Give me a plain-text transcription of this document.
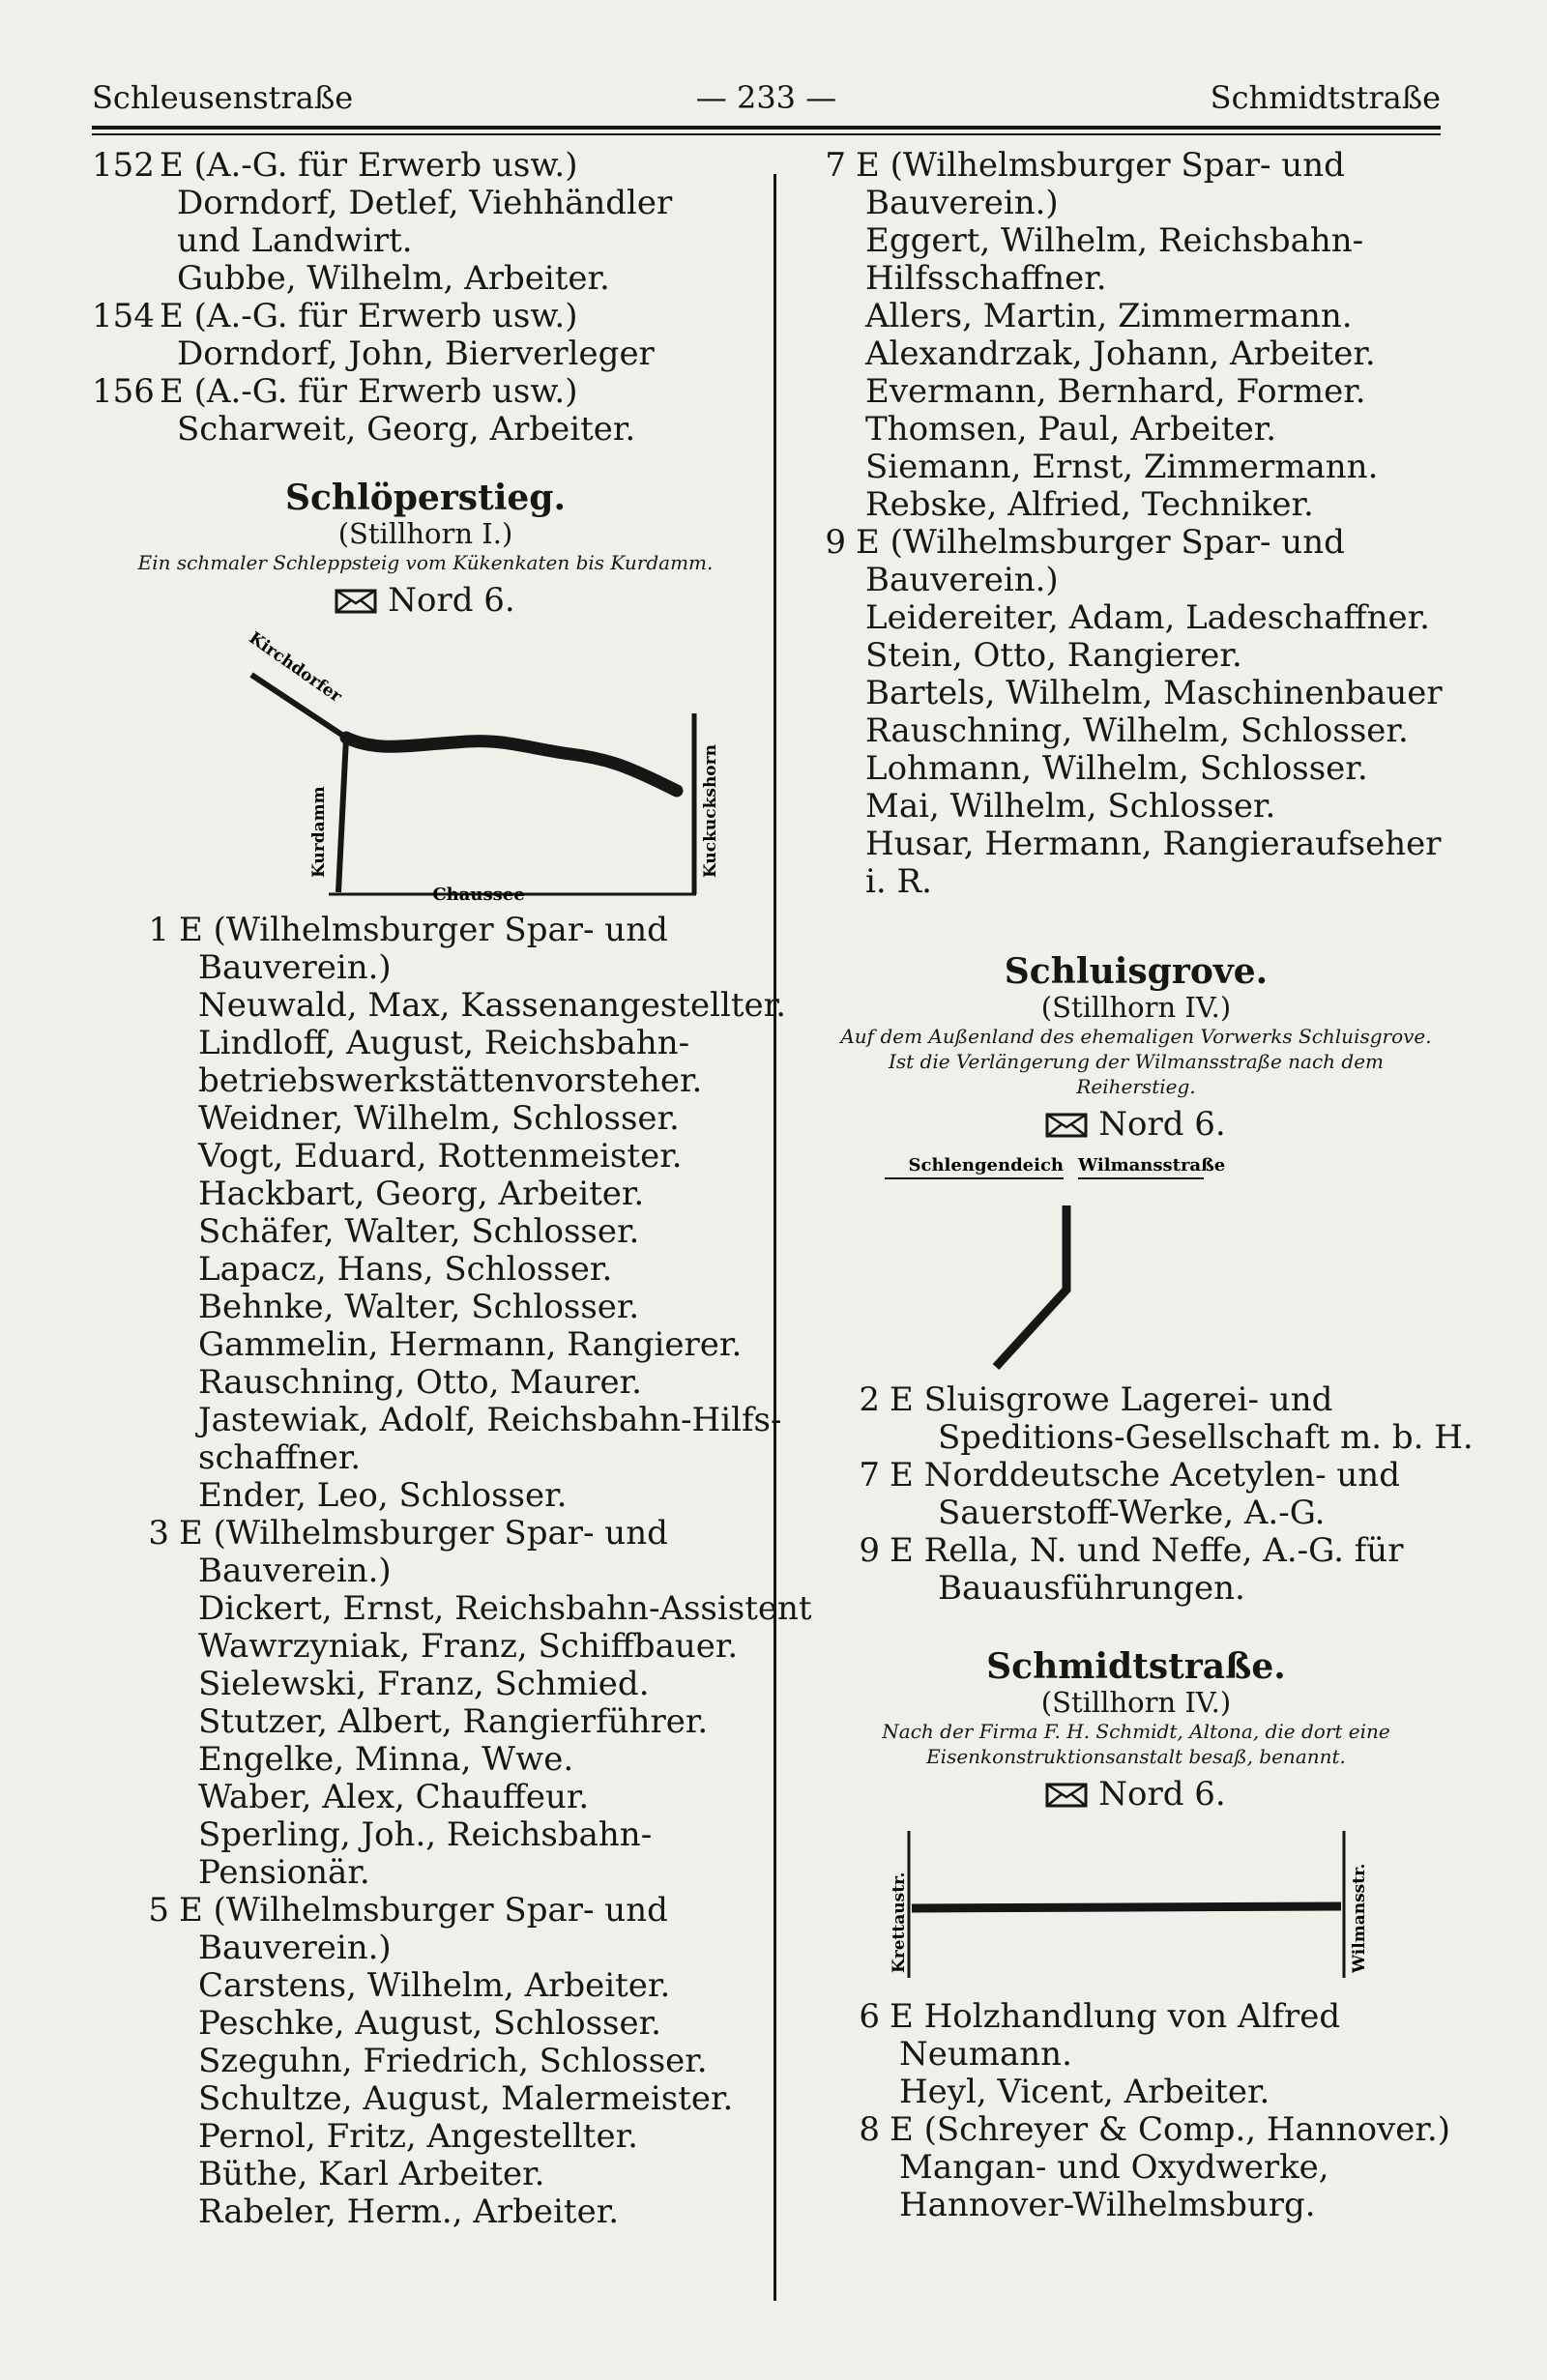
Schleusenstraße	— 233 —	Schmidtstraße
152 E (A.-G. für Erwerb usw.)
Dorndorf, Detlef, Viehhändler
und Landwirt.
Gubbe, Wilhelm, Arbeiter.
154 E (A.-G. für Erwerb usw.)
Dorndorf, John, Bierverleger
156 E (A.-G. für Erwerb usw.)
Scharweit, Georg, Arbeiter.
Schlöperstieg.
(Stillhorn I.)
Ein schmaler Schleppsteig vom Kükenkaten bis Kurdamm.
Nord 6.
Kirchdorfer
Kurdamm	Kuckuckshorn
Chaussee
1 E (Wilhelmsburger Spar- und
Bauverein.)
Neuwald, Max, Kassenangestellter.
Lindloff, August, Reichsbahn-
betriebswerkstättenvorsteher.
Weidner, Wilhelm, Schlosser.
Vogt, Eduard, Rottenmeister.
Hackbart, Georg, Arbeiter.
Schäfer, Walter, Schlosser.
Lapacz, Hans, Schlosser.
Behnke, Walter, Schlosser.
Gammelin, Hermann, Rangierer.
Rauschning, Otto, Maurer.
Jastewiak, Adolf, Reichsbahn-Hilfs-
schaffner.
Ender, Leo, Schlosser.
3 E (Wilhelmsburger Spar- und
Bauverein.)
Dickert, Ernst, Reichsbahn-Assistent
Wawrzyniak, Franz, Schiffbauer.
Sielewski, Franz, Schmied.
Stutzer, Albert, Rangierführer.
Engelke, Minna, Wwe.
Waber, Alex, Chauffeur.
Sperling, Joh., Reichsbahn-
Pensionär.
5 E (Wilhelmsburger Spar- und
Bauverein.)
Carstens, Wilhelm, Arbeiter.
Peschke, August, Schlosser.
Szeguhn, Friedrich, Schlosser.
Schultze, August, Malermeister.
Pernol, Fritz, Angestellter.
Büthe, Karl Arbeiter.
Rabeler, Herm., Arbeiter.
7 E (Wilhelmsburger Spar- und
Bauverein.)
Eggert, Wilhelm, Reichsbahn-
Hilfsschaffner.
Allers, Martin, Zimmermann.
Alexandrzak, Johann, Arbeiter.
Evermann, Bernhard, Former.
Thomsen, Paul, Arbeiter.
Siemann, Ernst, Zimmermann.
Rebske, Alfried, Techniker.
9 E (Wilhelmsburger Spar- und
Bauverein.)
Leidereiter, Adam, Ladeschaffner.
Stein, Otto, Rangierer.
Bartels, Wilhelm, Maschinenbauer
Rauschning, Wilhelm, Schlosser.
Lohmann, Wilhelm, Schlosser.
Mai, Wilhelm, Schlosser.
Husar, Hermann, Rangieraufseher
i. R.
Schluisgrove.
(Stillhorn IV.)
Auf dem Außenland des ehemaligen Vorwerks Schluisgrove.
Ist die Verlängerung der Wilmansstraße nach dem
Reiherstieg.
Nord 6.
Schlengendeich Wilmansstraße
2 E Sluisgrowe Lagerei- und
Speditions-Gesellschaft m. b. H.
7 E Norddeutsche Acetylen- und
Sauerstoff-Werke, A.-G.
9 E Rella, N. und Neffe, A.-G. für
Bauausführungen.
Schmidtstraße.
(Stillhorn IV.)
Nach der Firma F. H. Schmidt, Altona, die dort eine
Eisenkonstruktionsanstalt besaß, benannt.
Nord 6.
Krettaustr.	Wilmansstr.
6 E Holzhandlung von Alfred
Neumann.
Heyl, Vicent, Arbeiter.
8 E (Schreyer & Comp., Hannover.)
Mangan- und Oxydwerke,
Hannover-Wilhelmsburg.
